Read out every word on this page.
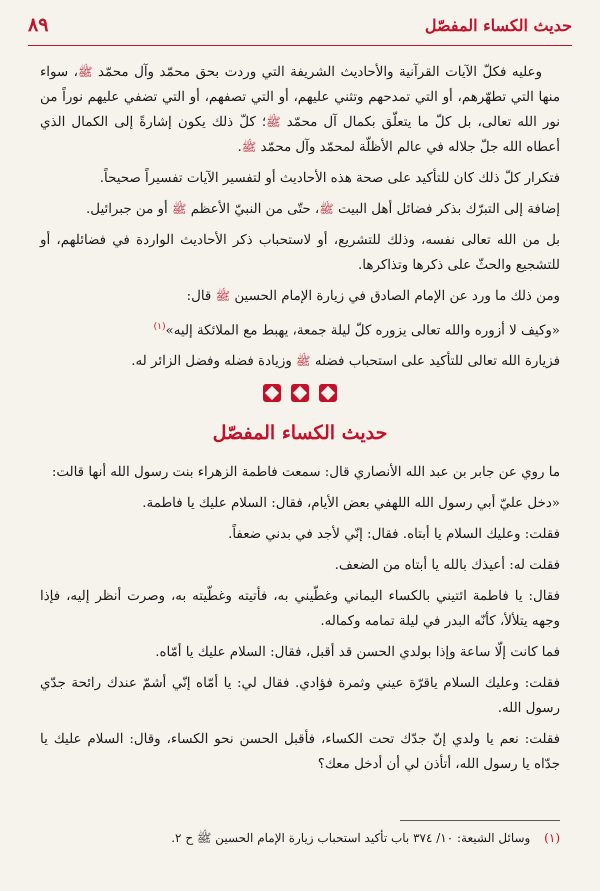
حديث الكساء المفصّل
٨٩

وعليه فكلّ الآيات القرآنية والأحاديث الشريفة التي وردت بحق محمّد وآل محمّد ﷺ، سواء منها التي تطهّرهم، أو التي تمدحهم وتثني عليهم، أو التي تصفهم، أو التي تضفي عليهم نوراً من نور الله تعالى، بل كلّ ما يتعلّق بكمال آل محمّد ﷺ؛ كلّ ذلك يكون إشارةً إلى الكمال الذي أعطاه الله جلّ جلاله في عالم الأظلّة لمحمّد وآل محمّد ﷺ.

فتكرار كلّ ذلك كان للتأكيد على صحة هذه الأحاديث أو لتفسير الآيات تفسيراً صحيحاً.

إضافة إلى التبرّك بذكر فضائل أهل البيت ﷺ، حتّى من النبيّ الأعظم ﷺ أو من جبرائيل.

بل من الله تعالى نفسه، وذلك للتشريع، أو لاستحباب ذكر الأحاديث الواردة في فضائلهم، أو للتشجيع والحثّ على ذكرها وتذاكرها.

ومن ذلك ما ورد عن الإمام الصادق في زيارة الإمام الحسين ﷺ قال:

«وكيف لا أزوره والله تعالى يزوره كلّ ليلة جمعة، يهبط مع الملائكة إليه»$^{(١)}$

فزيارة الله تعالى للتأكيد على استحباب فضله ﷺ وزيادة فضله وفضل الزائر له.

حديث الكساء المفصّل

ما روي عن جابر بن عبد الله الأنصاري قال: سمعت فاطمة الزهراء بنت رسول الله أنها قالت:

«دخل عليّ أبي رسول الله اللهفي بعض الأيام، فقال: السلام عليك يا فاطمة.

فقلت: وعليك السلام يا أبتاه. فقال: إنّي لأجد في بدني ضعفاً.

فقلت له: أعيذك بالله يا أبتاه من الضعف.

فقال: يا فاطمة ائتيني بالكساء اليماني وغطّيني به، فأتيته وغطّيته به، وصرت أنظر إليه، فإذا وجهه يتلألأ، كأنّه البدر في ليلة تمامه وكماله.

فما كانت إلّا ساعة وإذا بولدي الحسن قد أقبل، فقال: السلام عليك يا أمّاه.

فقلت: وعليك السلام ياقرّة عيني وثمرة فؤادي. فقال لي: يا أمّاه إنّي أشمّ عندك رائحة جدّي رسول الله.

فقلت: نعم يا ولدي إنّ جدّك تحت الكساء، فأقبل الحسن نحو الكساء، وقال: السلام عليك يا جدّاه يا رسول الله، أتأذن لي أن أدخل معك؟

(١) وسائل الشيعة: ١٠/ ٣٧٤ باب تأكيد استحباب زيارة الإمام الحسين ﷺ ح ٢.
